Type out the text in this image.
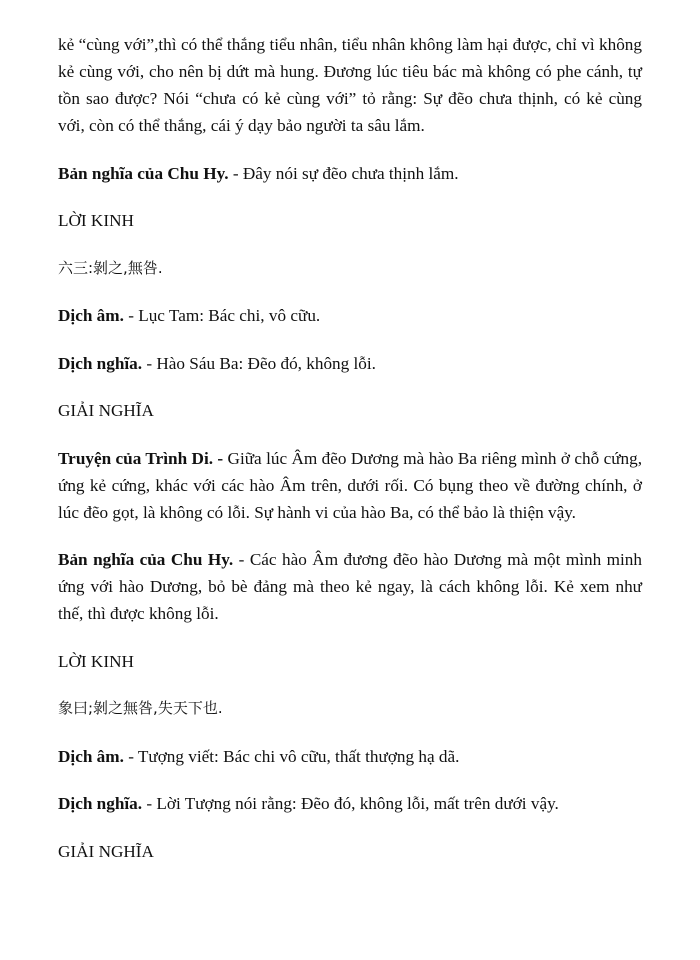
kẻ “cùng với”,thì có thể thắng tiểu nhân, tiểu nhân không làm hại được, chỉ vì không kẻ cùng với, cho nên bị dứt mà hung. Đương lúc tiêu bác mà không có phe cánh, tự tồn sao được? Nói “chưa có kẻ cùng với” tỏ rằng: Sự đẽo chưa thịnh, có kẻ cùng với, còn có thể thắng, cái ý dạy bảo người ta sâu lắm.

Bản nghĩa của Chu Hy. - Đây nói sự đẽo chưa thịnh lắm.

LỜI KINH

六三:剝之,無咎.

Dịch âm. - Lục Tam: Bác chi, vô cữu.

Dịch nghĩa. - Hào Sáu Ba: Đẽo đó, không lỗi.

GIẢI NGHĨA

Truyện của Trình Di. - Giữa lúc Âm đẽo Dương mà hào Ba riêng mình ở chỗ cứng, ứng kẻ cứng, khác với các hào Âm trên, dưới rối. Có bụng theo về đường chính, ở lúc đẽo gọt, là không có lỗi. Sự hành vi của hào Ba, có thể bảo là thiện vậy.

Bản nghĩa của Chu Hy. - Các hào Âm đương đẽo hào Dương mà một mình minh ứng với hào Dương, bỏ bè đảng mà theo kẻ ngay, là cách không lỗi. Kẻ xem như thế, thì được không lỗi.

LỜI KINH

象曰;剝之無咎,失天下也.

Dịch âm. - Tượng viết: Bác chi vô cữu, thất thượng hạ dã.

Dịch nghĩa. - Lời Tượng nói rằng: Đẽo đó, không lỗi, mất trên dưới vậy.

GIẢI NGHĨA
